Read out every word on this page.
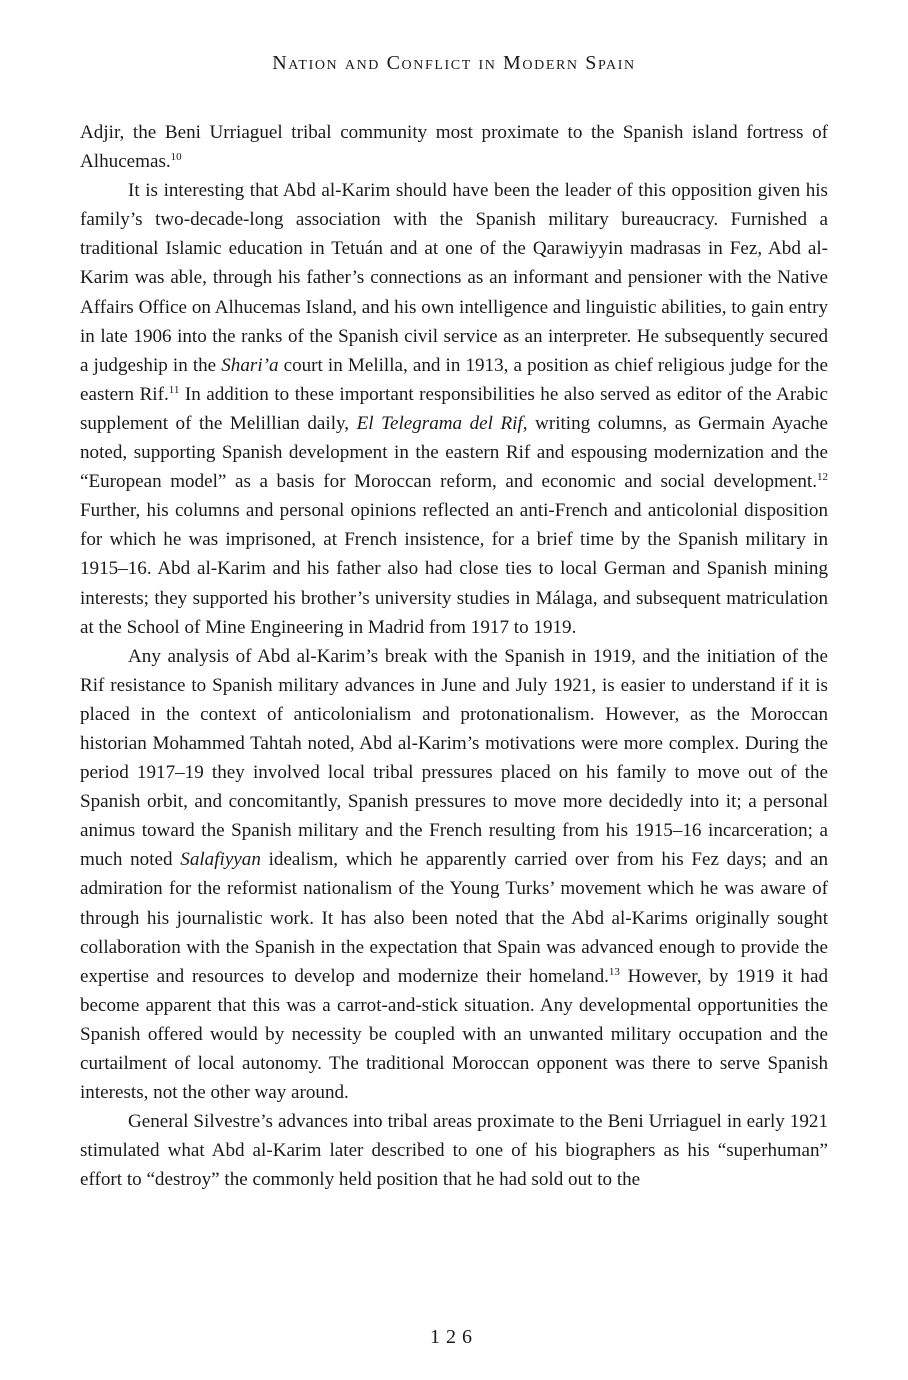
Nation and Conflict in Modern Spain

Adjir, the Beni Urriaguel tribal community most proximate to the Spanish island fortress of Alhucemas.$^{10}$

It is interesting that Abd al-Karim should have been the leader of this opposition given his family’s two-decade-long association with the Spanish military bureaucracy. Furnished a traditional Islamic education in Tetuán and at one of the Qarawiyyin madrasas in Fez, Abd al-Karim was able, through his father’s connections as an informant and pensioner with the Native Affairs Office on Alhucemas Island, and his own intelligence and linguistic abilities, to gain entry in late 1906 into the ranks of the Spanish civil service as an interpreter. He subsequently secured a judgeship in the Shari’a court in Melilla, and in 1913, a position as chief religious judge for the eastern Rif.$^{11}$ In addition to these important responsibilities he also served as editor of the Arabic supplement of the Melillian daily, El Telegrama del Rif, writing columns, as Germain Ayache noted, supporting Spanish development in the eastern Rif and espousing modernization and the “European model” as a basis for Moroccan reform, and economic and social development.$^{12}$ Further, his columns and personal opinions reflected an anti-French and anticolonial disposition for which he was imprisoned, at French insistence, for a brief time by the Spanish military in 1915–16. Abd al-Karim and his father also had close ties to local German and Spanish mining interests; they supported his brother’s university studies in Málaga, and subsequent matriculation at the School of Mine Engineering in Madrid from 1917 to 1919.

Any analysis of Abd al-Karim’s break with the Spanish in 1919, and the initiation of the Rif resistance to Spanish military advances in June and July 1921, is easier to understand if it is placed in the context of anticolonialism and protonationalism. However, as the Moroccan historian Mohammed Tahtah noted, Abd al-Karim’s motivations were more complex. During the period 1917–19 they involved local tribal pressures placed on his family to move out of the Spanish orbit, and concomitantly, Spanish pressures to move more decidedly into it; a personal animus toward the Spanish military and the French resulting from his 1915–16 incarceration; a much noted Salafiyyan idealism, which he apparently carried over from his Fez days; and an admiration for the reformist nationalism of the Young Turks’ movement which he was aware of through his journalistic work. It has also been noted that the Abd al-Karims originally sought collaboration with the Spanish in the expectation that Spain was advanced enough to provide the expertise and resources to develop and modernize their homeland.$^{13}$ However, by 1919 it had become apparent that this was a carrot-and-stick situation. Any developmental opportunities the Spanish offered would by necessity be coupled with an unwanted military occupation and the curtailment of local autonomy. The traditional Moroccan opponent was there to serve Spanish interests, not the other way around.

General Silvestre’s advances into tribal areas proximate to the Beni Urriaguel in early 1921 stimulated what Abd al-Karim later described to one of his biographers as his “superhuman” effort to “destroy” the commonly held position that he had sold out to the

126
